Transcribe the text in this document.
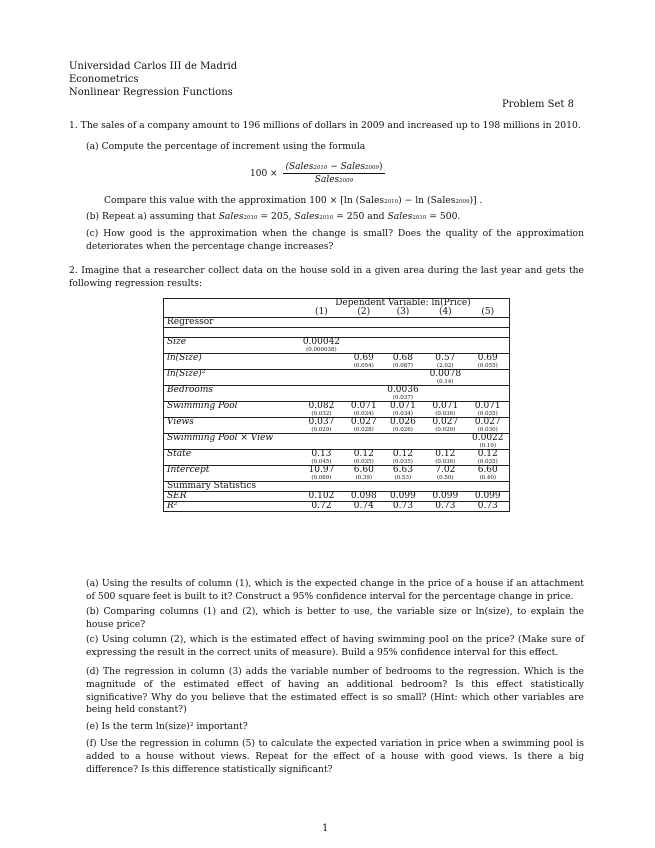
Universidad Carlos III de Madrid
Econometrics
Nonlinear Regression Functions
Problem Set 8
1. The sales of a company amount to 196 millions of dollars in 2009 and increased up to 198 millions in 2010.
(a) Compute the percentage of increment using the formula
$100 \times \frac{\text{(Sales2010 − Sales2009)}}{\text{Sales2009}}$
Compare this value with the approximation 100 × [ln (Sales2010) − ln (Sales2009)] .
(b) Repeat a) assuming that Sales2010 = 205, Sales2010 = 250 and Sales2010 = 500.
(c) How good is the approximation when the change is small? Does the quality of the approximation deteriorates when the percentage change increases?
2. Imagine that a researcher collect data on the house sold in a given area during the last year and gets the following regression results:
	Dependent Variable: ln(Price)				
	(1)	(2)	(3)	(4)	(5)
Regressor					

Size	0.00042				
	(0.000038)				
ln(Size)		0.69	0.68	0.57	0.69
		(0.054)	(0.087)	(2.02)	(0.055)
ln(Size)²				0.0078	
				(0.14)	
Bedrooms			0.0036		
			(0.037)		
Swimming Pool	0.082	0.071	0.071	0.071	0.071
	(0.032)	(0.034)	(0.034)	(0.036)	(0.035)
Views	0.037	0.027	0.026	0.027	0.027
	(0.029)	(0.028)	(0.026)	(0.029)	(0.030)
Swimming Pool × View					0.0022
					(0.10)
State	0.13	0.12	0.12	0.12	0.12
	(0.045)	(0.035)	(0.035)	(0.036)	(0.035)
Intercept	10.97	6.60	6.63	7.02	6.60
	(0.069)	(0.39)	(0.53)	(0.50)	(0.40)
Summary Statistics					
SER	0.102	0.098	0.099	0.099	0.099
R²	0.72	0.74	0.73	0.73	0.73
(a) Using the results of column (1), which is the expected change in the price of a house if an attachment of 500 square feet is built to it? Construct a 95% confidence interval for the percentage change in price.
(b) Comparing columns (1) and (2), which is better to use, the variable size or ln(size), to explain the house price?
(c) Using column (2), which is the estimated effect of having swimming pool on the price? (Make sure of expressing the result in the correct units of measure). Build a 95% confidence interval for this effect.
(d) The regression in column (3) adds the variable number of bedrooms to the regression. Which is the magnitude of the estimated effect of having an additional bedroom? Is this effect statistically significative? Why do you believe that the estimated effect is so small? (Hint: which other variables are being held constant?)
(e) Is the term ln(size)² important?
(f) Use the regression in column (5) to calculate the expected variation in price when a swimming pool is added to a house without views. Repeat for the effect of a house with good views. Is there a big difference? Is this difference statistically significant?
1
